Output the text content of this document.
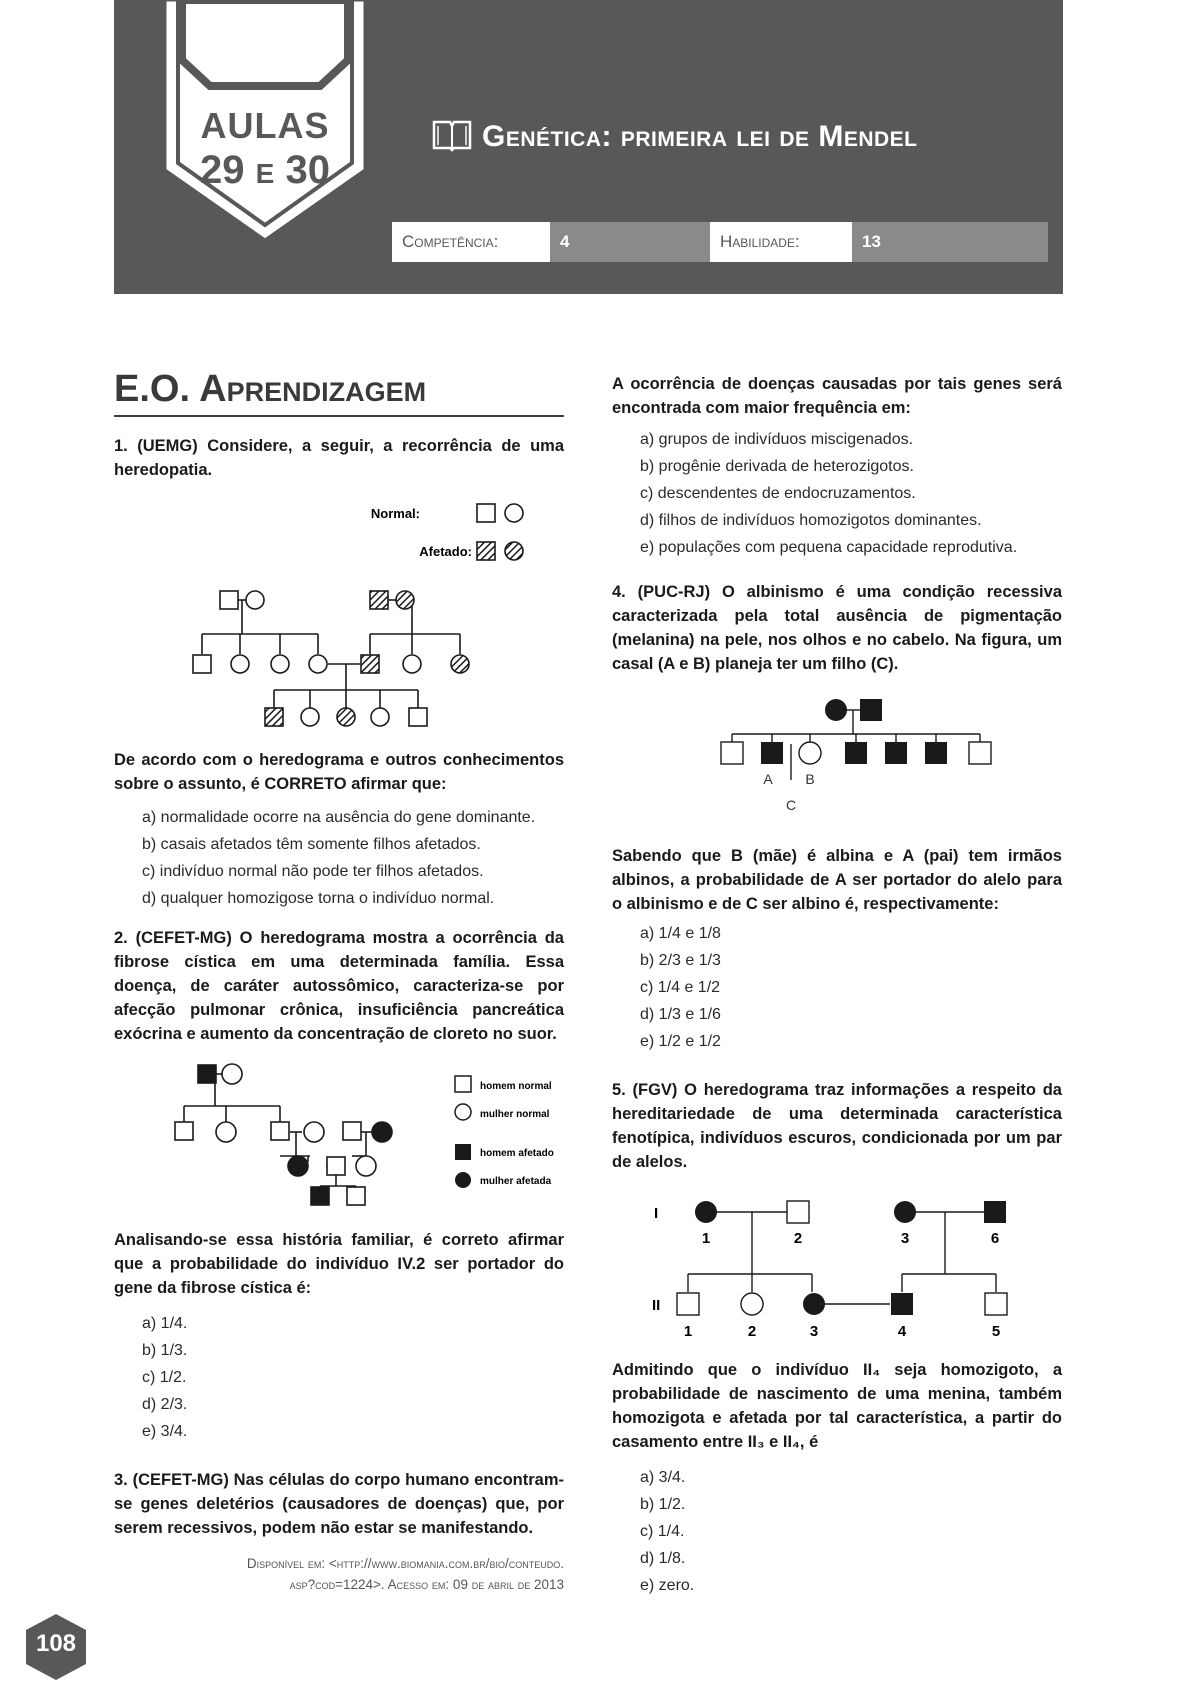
AULAS
29 E 30
Genética: primeira lei de Mendel
Competência:	4	Habilidade:	13
E.O. Aprendizagem
1. (UEMG) Considere, a seguir, a recorrência de uma heredopatia.
Normal:
Afetado:
De acordo com o heredograma e outros conhecimentos sobre o assunto, é CORRETO afirmar que:
a) normalidade ocorre na ausência do gene dominante.
b) casais afetados têm somente filhos afetados.
c) indivíduo normal não pode ter filhos afetados.
d) qualquer homozigose torna o indivíduo normal.
2. (CEFET-MG) O heredograma mostra a ocorrência da fibrose cística em uma determinada família. Essa doença, de caráter autossômico, caracteriza-se por afecção pulmonar crônica, insuficiência pancreática exócrina e aumento da concentração de cloreto no suor.
homem normal
mulher normal
homem afetado
mulher afetada
Analisando-se essa história familiar, é correto afirmar que a probabilidade do indivíduo IV.2 ser portador do gene da fibrose cística é:
a) 1/4.
b) 1/3.
c) 1/2.
d) 2/3.
e) 3/4.
3. (CEFET-MG) Nas células do corpo humano encontram-se genes deletérios (causadores de doenças) que, por serem recessivos, podem não estar se manifestando.
Disponível em: <http://www.biomania.com.br/bio/conteudo.
asp?cod=1224>. Acesso em: 09 de abril de 2013
A ocorrência de doenças causadas por tais genes será encontrada com maior frequência em:
a) grupos de indivíduos miscigenados.
b) progênie derivada de heterozigotos.
c) descendentes de endocruzamentos.
d) filhos de indivíduos homozigotos dominantes.
e) populações com pequena capacidade reprodutiva.
4. (PUC-RJ) O albinismo é uma condição recessiva caracterizada pela total ausência de pigmentação (melanina) na pele, nos olhos e no cabelo. Na figura, um casal (A e B) planeja ter um filho (C).
A B
C
Sabendo que B (mãe) é albina e A (pai) tem irmãos albinos, a probabilidade de A ser portador do alelo para o albinismo e de C ser albino é, respectivamente:
a) 1/4 e 1/8
b) 2/3 e 1/3
c) 1/4 e 1/2
d) 1/3 e 1/6
e) 1/2 e 1/2
5. (FGV) O heredograma traz informações a respeito da hereditariedade de uma determinada característica fenotípica, indivíduos escuros, condicionada por um par de alelos.
I
II
1	2	3	6
1	2	3	4	5
Admitindo que o indivíduo II₄ seja homozigoto, a probabilidade de nascimento de uma menina, também homozigota e afetada por tal característica, a partir do casamento entre II₃ e II₄, é
a) 3/4.
b) 1/2.
c) 1/4.
d) 1/8.
e) zero.
108
